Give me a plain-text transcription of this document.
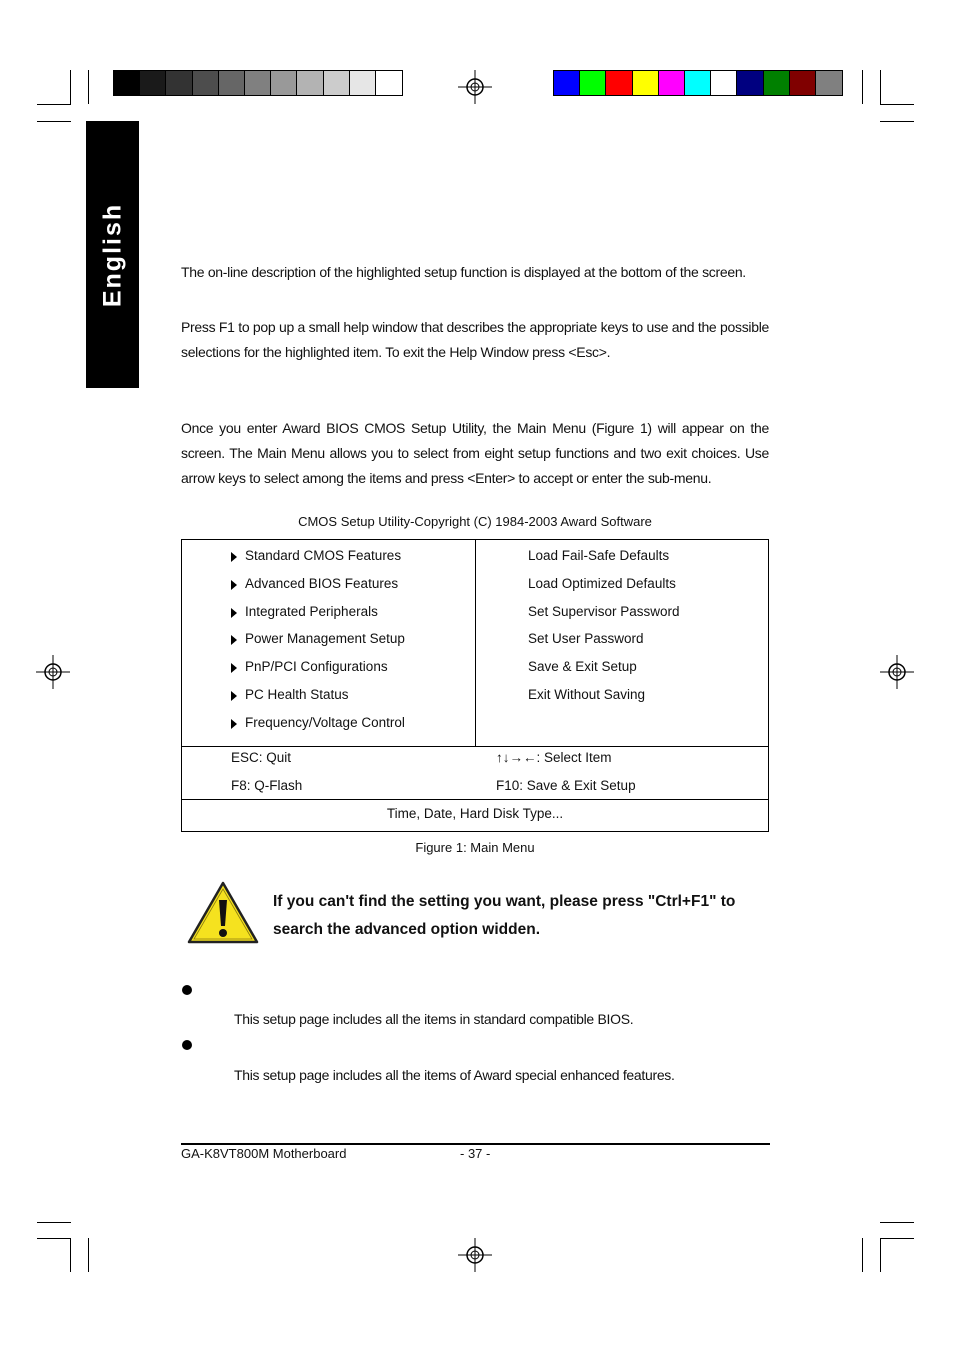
English	The on-line description of the highlighted setup function is displayed at the bottom of the screen.
Press F1 to pop up a small help window that describes the appropriate keys to use and the possible selections for the highlighted item. To exit the Help Window press <Esc>.
Once you enter Award BIOS CMOS Setup Utility, the Main Menu (Figure 1) will appear on the screen. The Main Menu allows you to select from eight setup functions and two exit choices. Use arrow keys to select among the items and press <Enter> to accept or enter the sub-menu.
CMOS Setup Utility-Copyright (C) 1984-2003 Award Software
Standard CMOS Features
Advanced BIOS Features
Integrated Peripherals
Power Management Setup
PnP/PCI Configurations
PC Health Status
Frequency/Voltage Control
Load Fail-Safe Defaults
Load Optimized Defaults
Set Supervisor Password
Set User Password
Save & Exit Setup
Exit Without Saving
ESC: Quit	↑↓→←: Select Item
F8: Q-Flash	F10: Save & Exit Setup
Time, Date, Hard Disk Type...
Figure 1: Main Menu
If you can't find the setting you want, please press "Ctrl+F1" to search the advanced option widden.
This setup page includes all the items in standard compatible BIOS.
This setup page includes all the items of Award special enhanced features.
GA-K8VT800M Motherboard	- 37 -
